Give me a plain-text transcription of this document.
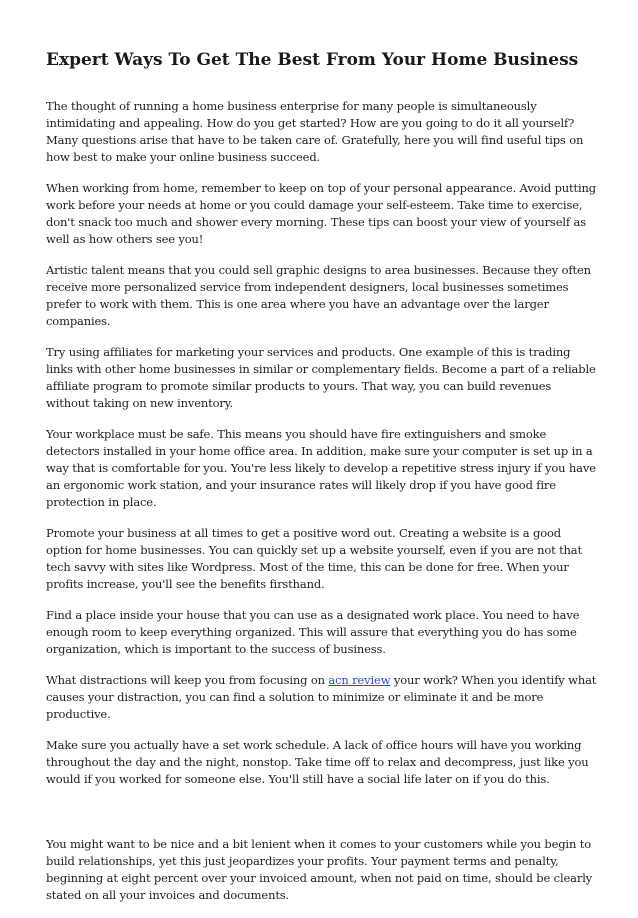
Expert Ways To Get The Best From Your Home Business

The thought of running a home business enterprise for many people is simultaneously intimidating and appealing. How do you get started? How are you going to do it all yourself? Many questions arise that have to be taken care of. Gratefully, here you will find useful tips on how best to make your online business succeed.

When working from home, remember to keep on top of your personal appearance. Avoid putting work before your needs at home or you could damage your self-esteem. Take time to exercise, don't snack too much and shower every morning. These tips can boost your view of yourself as well as how others see you!

Artistic talent means that you could sell graphic designs to area businesses. Because they often receive more personalized service from independent designers, local businesses sometimes prefer to work with them. This is one area where you have an advantage over the larger companies.

Try using affiliates for marketing your services and products. One example of this is trading links with other home businesses in similar or complementary fields. Become a part of a reliable affiliate program to promote similar products to yours. That way, you can build revenues without taking on new inventory.

Your workplace must be safe. This means you should have fire extinguishers and smoke detectors installed in your home office area. In addition, make sure your computer is set up in a way that is comfortable for you. You're less likely to develop a repetitive stress injury if you have an ergonomic work station, and your insurance rates will likely drop if you have good fire protection in place.

Promote your business at all times to get a positive word out. Creating a website is a good option for home businesses. You can quickly set up a website yourself, even if you are not that tech savvy with sites like Wordpress. Most of the time, this can be done for free. When your profits increase, you'll see the benefits firsthand.

Find a place inside your house that you can use as a designated work place. You need to have enough room to keep everything organized. This will assure that everything you do has some organization, which is important to the success of business.

What distractions will keep you from focusing on acn review your work? When you identify what causes your distraction, you can find a solution to minimize or eliminate it and be more productive.

Make sure you actually have a set work schedule. A lack of office hours will have you working throughout the day and the night, nonstop. Take time off to relax and decompress, just like you would if you worked for someone else. You'll still have a social life later on if you do this.

You might want to be nice and a bit lenient when it comes to your customers while you begin to build relationships, yet this just jeopardizes your profits. Your payment terms and penalty, beginning at eight percent over your invoiced amount, when not paid on time, should be clearly stated on all your invoices and documents.
